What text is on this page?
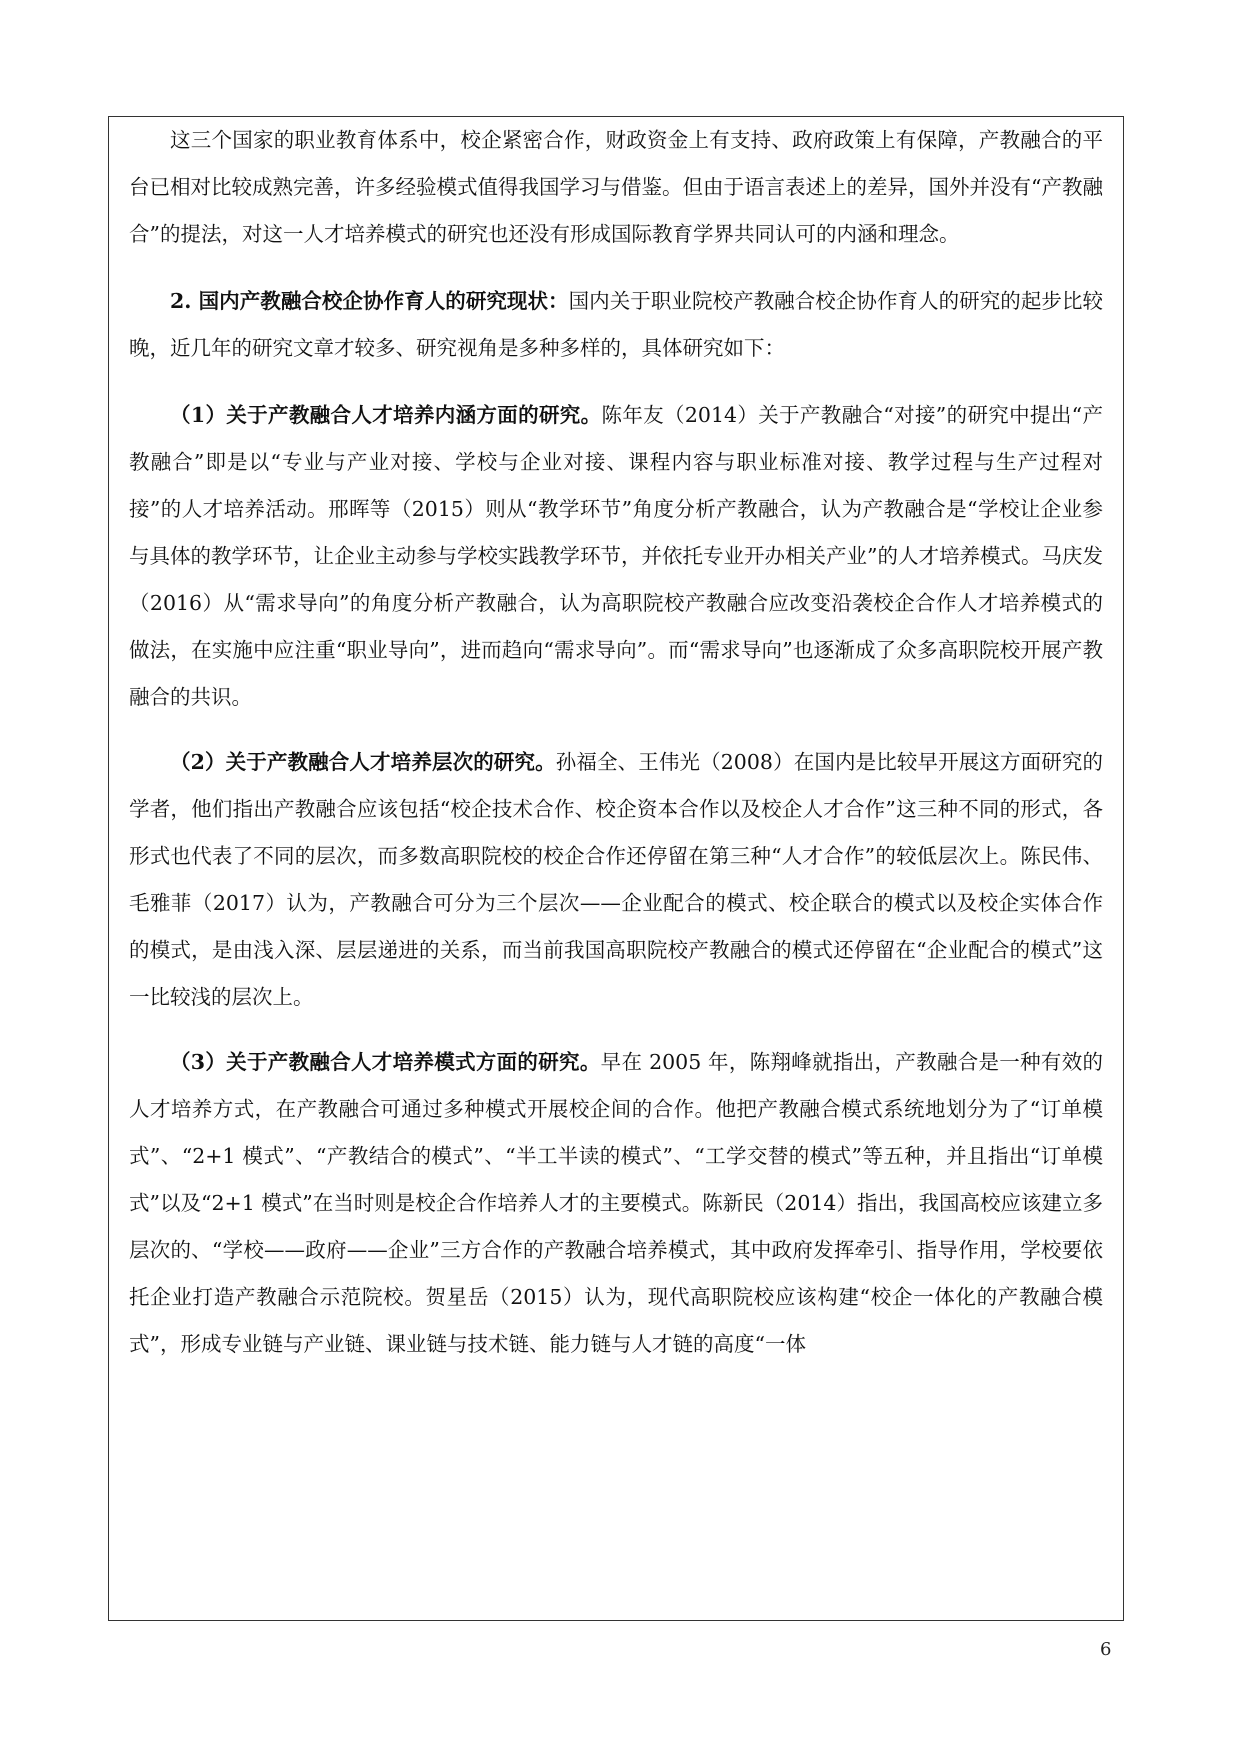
这三个国家的职业教育体系中，校企紧密合作，财政资金上有支持、政府政策上有保障，产教融合的平台已相对比较成熟完善，许多经验模式值得我国学习与借鉴。但由于语言表述上的差异，国外并没有“产教融合”的提法，对这一人才培养模式的研究也还没有形成国际教育学界共同认可的内涵和理念。

2. 国内产教融合校企协作育人的研究现状：国内关于职业院校产教融合校企协作育人的研究的起步比较晚，近几年的研究文章才较多、研究视角是多种多样的，具体研究如下：

（1）关于产教融合人才培养内涵方面的研究。陈年友（2014）关于产教融合“对接”的研究中提出“产教融合”即是以“专业与产业对接、学校与企业对接、课程内容与职业标准对接、教学过程与生产过程对接”的人才培养活动。邢晖等（2015）则从“教学环节”角度分析产教融合，认为产教融合是“学校让企业参与具体的教学环节，让企业主动参与学校实践教学环节，并依托专业开办相关产业”的人才培养模式。马庆发（2016）从“需求导向”的角度分析产教融合，认为高职院校产教融合应改变沿袭校企合作人才培养模式的做法，在实施中应注重“职业导向”，进而趋向“需求导向”。而“需求导向”也逐渐成了众多高职院校开展产教融合的共识。

（2）关于产教融合人才培养层次的研究。孙福全、王伟光（2008）在国内是比较早开展这方面研究的学者，他们指出产教融合应该包括“校企技术合作、校企资本合作以及校企人才合作”这三种不同的形式，各形式也代表了不同的层次，而多数高职院校的校企合作还停留在第三种“人才合作”的较低层次上。陈民伟、毛雅菲（2017）认为，产教融合可分为三个层次——企业配合的模式、校企联合的模式以及校企实体合作的模式，是由浅入深、层层递进的关系，而当前我国高职院校产教融合的模式还停留在“企业配合的模式”这一比较浅的层次上。

（3）关于产教融合人才培养模式方面的研究。早在 2005 年，陈翔峰就指出，产教融合是一种有效的人才培养方式，在产教融合可通过多种模式开展校企间的合作。他把产教融合模式系统地划分为了“订单模式”、“2+1 模式”、“产教结合的模式”、“半工半读的模式”、“工学交替的模式”等五种，并且指出“订单模式”以及“2+1 模式”在当时则是校企合作培养人才的主要模式。陈新民（2014）指出，我国高校应该建立多层次的、“学校——政府——企业”三方合作的产教融合培养模式，其中政府发挥牵引、指导作用，学校要依托企业打造产教融合示范院校。贺星岳（2015）认为，现代高职院校应该构建“校企一体化的产教融合模式”，形成专业链与产业链、课业链与技术链、能力链与人才链的高度“一体

6
